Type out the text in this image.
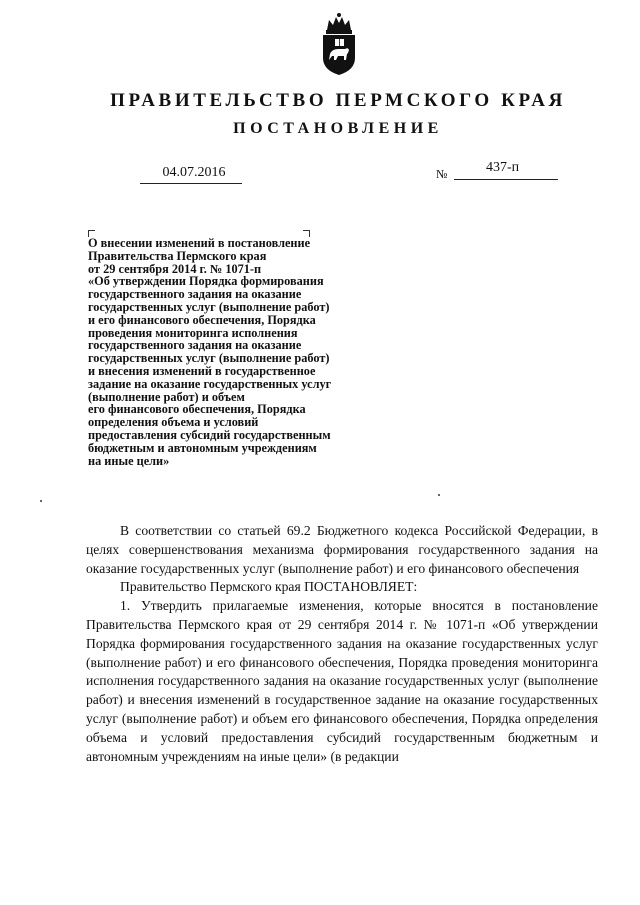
ПРАВИТЕЛЬСТВО ПЕРМСКОГО КРАЯ
ПОСТАНОВЛЕНИЕ
04.07.2016	№	437-п
О внесении изменений в постановление
Правительства Пермского края
от 29 сентября 2014 г. № 1071-п
«Об утверждении Порядка формирования
государственного задания на оказание
государственных услуг (выполнение работ)
и его финансового обеспечения, Порядка
проведения мониторинга исполнения
государственного задания на оказание
государственных услуг (выполнение работ)
и внесения изменений в государственное
задание на оказание государственных услуг
(выполнение работ) и объем
его финансового обеспечения, Порядка
определения объема и условий
предоставления субсидий государственным
бюджетным и автономным учреждениям
на иные цели»

В соответствии со статьей 69.2 Бюджетного кодекса Российской Федерации, в целях совершенствования механизма формирования государственного задания на оказание государственных услуг (выполнение работ) и его финансового обеспечения

Правительство Пермского края ПОСТАНОВЛЯЕТ:

1. Утвердить прилагаемые изменения, которые вносятся в постановление Правительства Пермского края от 29 сентября 2014 г. № 1071-п «Об утверждении Порядка формирования государственного задания на оказание государственных услуг (выполнение работ) и его финансового обеспечения, Порядка проведения мониторинга исполнения государственного задания на оказание государственных услуг (выполнение работ) и внесения изменений в государственное задание на оказание государственных услуг (выполнение работ) и объем его финансового обеспечения, Порядка определения объема и условий предоставления субсидий государственным бюджетным и автономным учреждениям на иные цели» (в редакции
